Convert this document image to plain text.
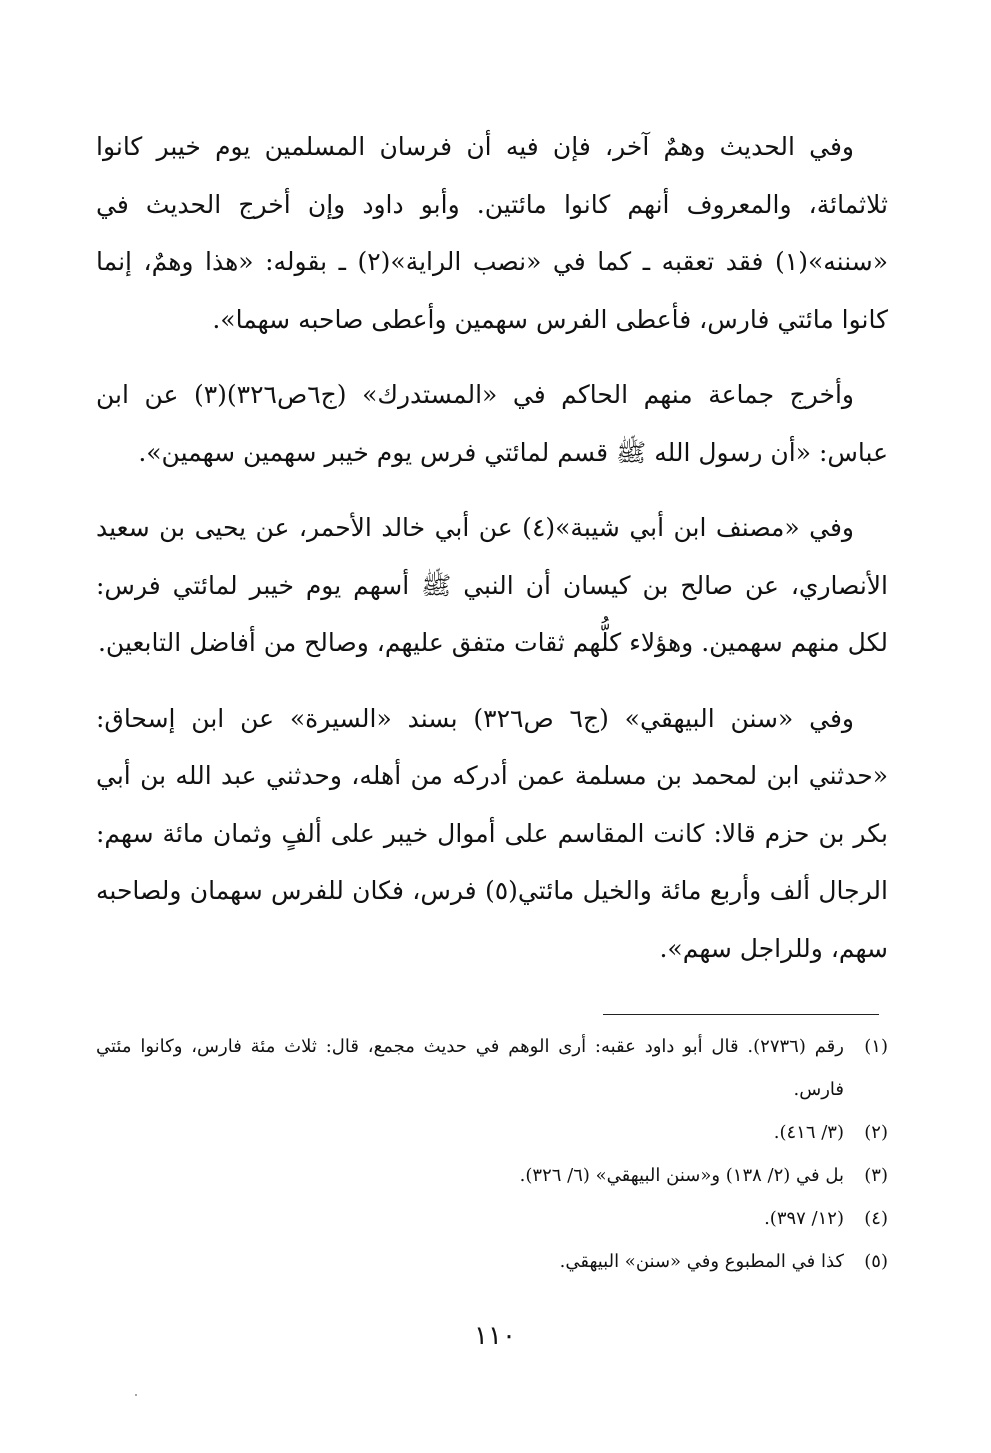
وفي الحديث وهمٌ آخر، فإن فيه أن فرسان المسلمين يوم خيبر كانوا ثلاثمائة، والمعروف أنهم كانوا مائتين. وأبو داود وإن أخرج الحديث في «سننه»(١) فقد تعقبه ـ كما في «نصب الراية»(٢) ـ بقوله: «هذا وهمٌ، إنما كانوا مائتي فارس، فأعطى الفرس سهمين وأعطى صاحبه سهما».

وأخرج جماعة منهم الحاكم في «المستدرك» (ج٦ص٣٢٦)(٣) عن ابن عباس: «أن رسول الله ﷺ قسم لمائتي فرس يوم خيبر سهمين سهمين».

وفي «مصنف ابن أبي شيبة»(٤) عن أبي خالد الأحمر، عن يحيى بن سعيد الأنصاري، عن صالح بن كيسان أن النبي ﷺ أسهم يوم خيبر لمائتي فرس: لكل منهم سهمين. وهؤلاء كلُّهم ثقات متفق عليهم، وصالح من أفاضل التابعين.

وفي «سنن البيهقي» (ج٦ ص٣٢٦) بسند «السيرة» عن ابن إسحاق: «حدثني ابن لمحمد بن مسلمة عمن أدركه من أهله، وحدثني عبد الله بن أبي بكر بن حزم قالا: كانت المقاسم على أموال خيبر على ألفٍ وثمان مائة سهم: الرجال ألف وأربع مائة والخيل مائتي(٥) فرس، فكان للفرس سهمان ولصاحبه سهم، وللراجل سهم».

(١)
رقم (٢٧٣٦). قال أبو داود عقبه: أرى الوهم في حديث مجمع، قال: ثلاث مئة فارس، وكانوا مئتي فارس.
(٢)
(٣/ ٤١٦).
(٣)
بل في (٢/ ١٣٨) و«سنن البيهقي» (٦/ ٣٢٦).
(٤)
(١٢/ ٣٩٧).
(٥)
كذا في المطبوع وفي «سنن» البيهقي.
١١٠
